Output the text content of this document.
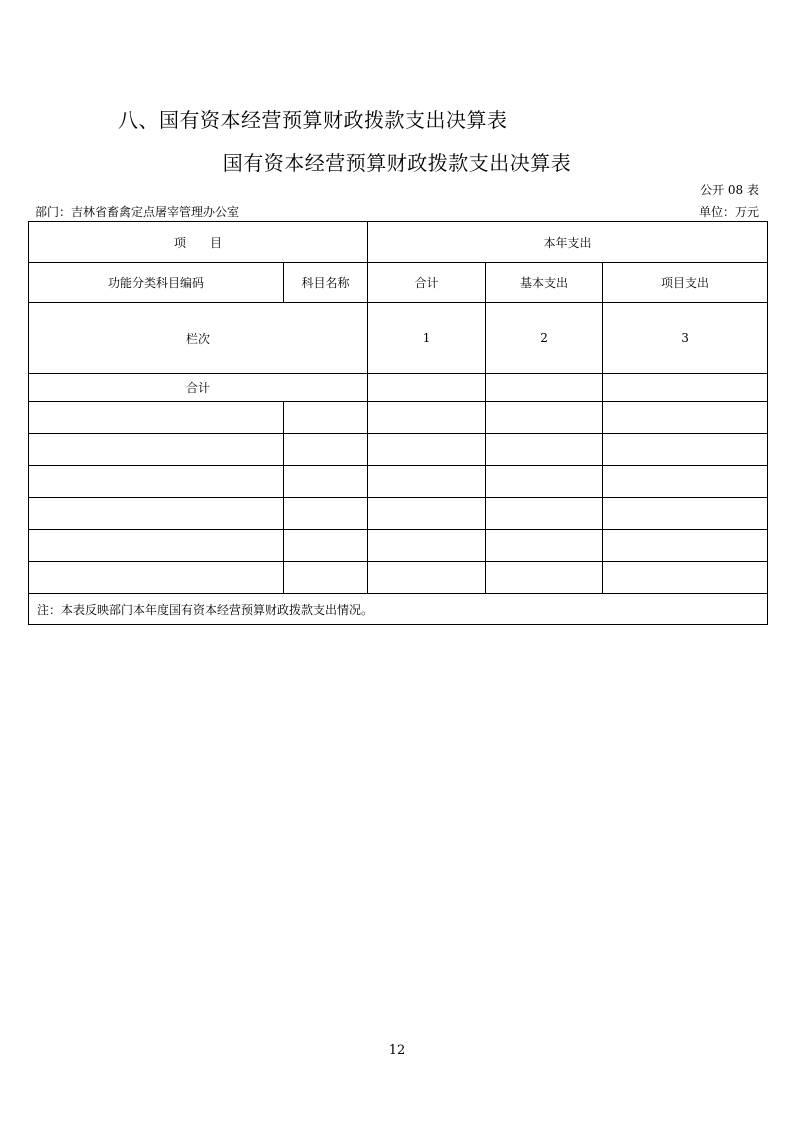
八、国有资本经营预算财政拨款支出决算表
国有资本经营预算财政拨款支出决算表
公开 08 表
部门：吉林省畜禽定点屠宰管理办公室	单位：万元
项　　目		本年支出		
功能分类科目编码	科目名称	合计	基本支出	项目支出
栏次		1	2	3
合计				

注：本表反映部门本年度国有资本经营预算财政拨款支出情况。				
12
